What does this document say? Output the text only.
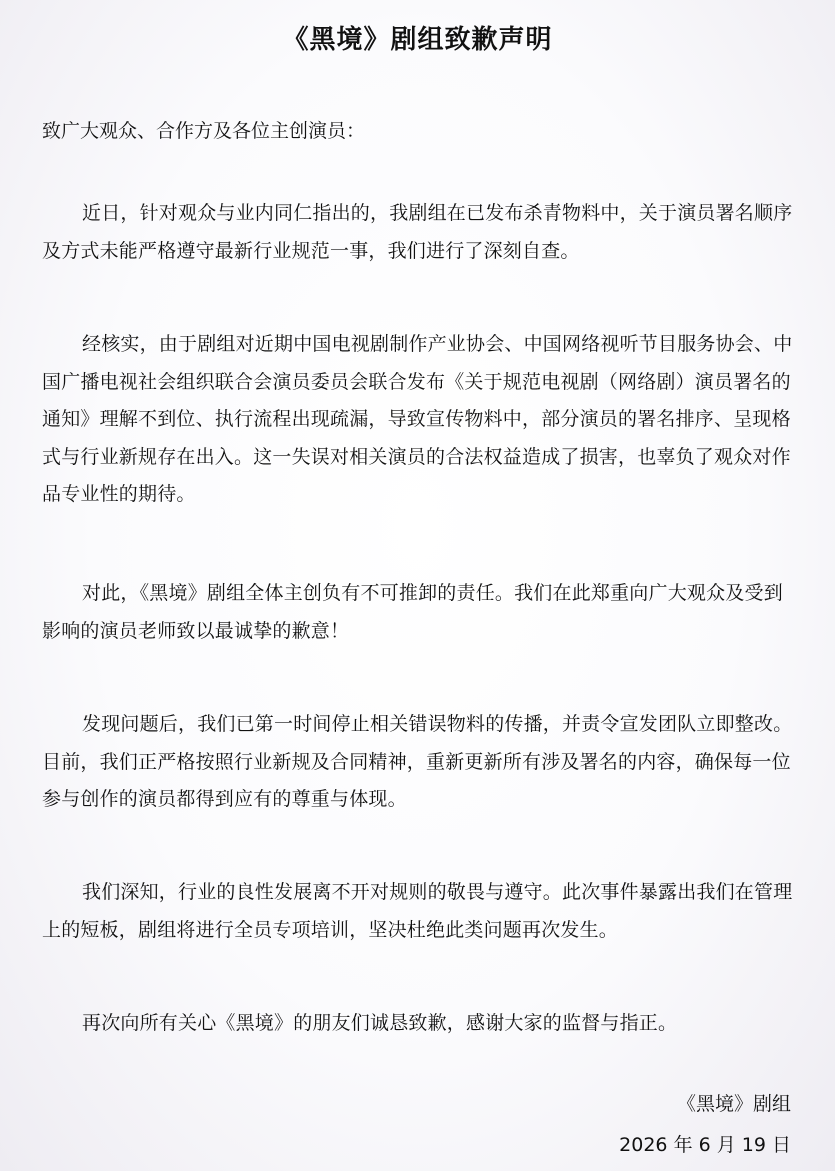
《黑境》剧组致歉声明
致广大观众、合作方及各位主创演员：
近日，针对观众与业内同仁指出的，我剧组在已发布杀青物料中，关于演员署名顺序及方式未能严格遵守最新行业规范一事，我们进行了深刻自查。
经核实，由于剧组对近期中国电视剧制作产业协会、中国网络视听节目服务协会、中国广播电视社会组织联合会演员委员会联合发布《关于规范电视剧（网络剧）演员署名的通知》理解不到位、执行流程出现疏漏，导致宣传物料中，部分演员的署名排序、呈现格式与行业新规存在出入。这一失误对相关演员的合法权益造成了损害，也辜负了观众对作品专业性的期待。
对此，《黑境》剧组全体主创负有不可推卸的责任。我们在此郑重向广大观众及受到影响的演员老师致以最诚挚的歉意！
发现问题后，我们已第一时间停止相关错误物料的传播，并责令宣发团队立即整改。目前，我们正严格按照行业新规及合同精神，重新更新所有涉及署名的内容，确保每一位参与创作的演员都得到应有的尊重与体现。
我们深知，行业的良性发展离不开对规则的敬畏与遵守。此次事件暴露出我们在管理上的短板，剧组将进行全员专项培训，坚决杜绝此类问题再次发生。
再次向所有关心《黑境》的朋友们诚恳致歉，感谢大家的监督与指正。
《黑境》剧组
2026 年 6 月 19 日
